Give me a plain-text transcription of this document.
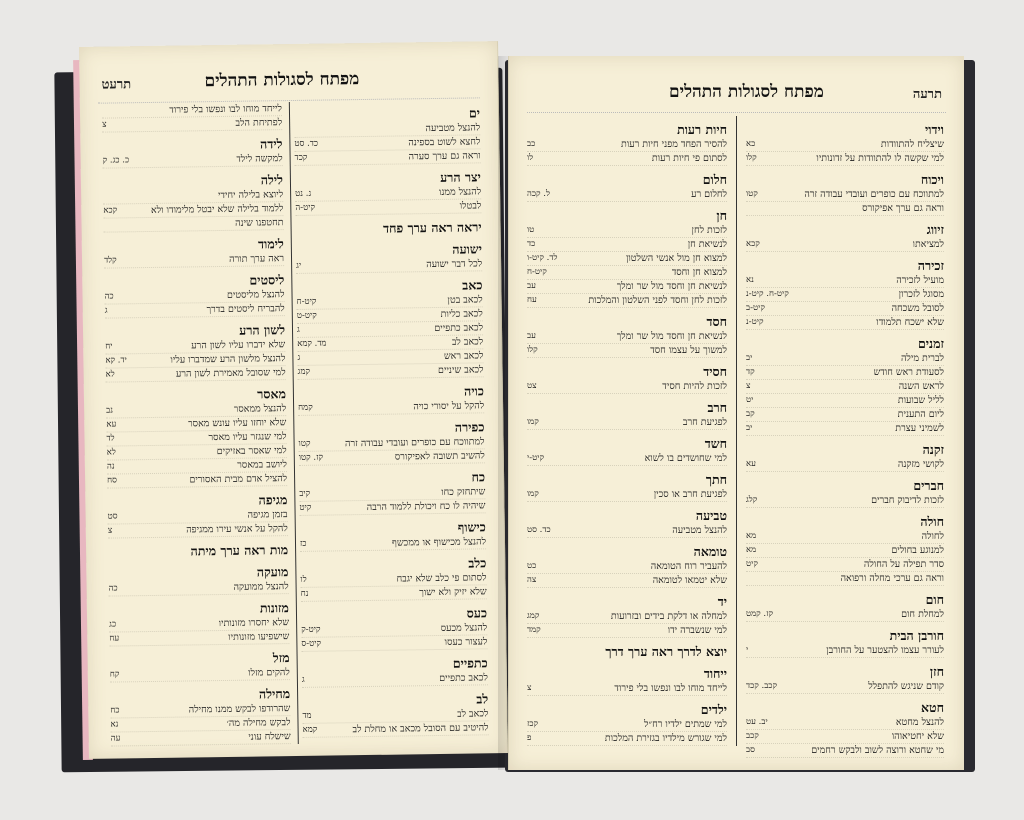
תרעט	מפתח לסגולות התהלים
ים
להנצל מטביעה
לחצא לשוט בספינה
כד. סט
וראה גם ערך סערה
קכד
יצר הרע
להנצל ממנו
נ. נט
לבטלו
קיט-ה
יראה ראה ערך פחד
ישועה
לכל דבר ישועה
יג
כאב
לכאב בטן
קיט-ח
לכאב כליות
קיט-ט
לכאב כתפיים
ג
לכאב לב
מד. קמא
לכאב ראש
ג
לכאב שיניים
קמג
כויה
להקל על יסורי כויה
קמח
כפירה
למתווכח עם כופרים ועובדי עבודה זרה
קטו
להשיב תשובה לאפיקורס
קז. קטו
כח
שיתחזק כחו
קיב
שיהיה לו כח ויכולת ללמוד הרבה
קיט
כישוף
להנצל מכישוף או ממכשף
כז
כלב
לסתום פי כלב שלא יגבח
לו
שלא יזיק ולא ישוך
נח
כעס
להנצל מכעס
קיט-ק
לעצור כעסו
קיט-ס
כתפיים
לכאב כתפיים
ג
לב
לכאב לב
מד
להיטיב עם הסובל מכאב או מחלת לב
קמא
לייחד מוחו לבו ונפשו בלי פירוד
לפתיחת הלב
צ
לידה
למקשה לילד
כ. כג. ק
לילה
ליוצא בלילה יחידי
ללמוד בלילה שלא יבטל מלימודו ולא
קכא
תחטפנו שינה
לימוד
ראה ערך תורה
קלד
ליסטים
להנצל מליסטים
כה
להבריח ליסטים בדרך
ג
לשון הרע
שלא ידברו עליו לשון הרע
יח
להנצל מלשון הרע שמדברו עליו
יד. קא
למי שסובל מאמירת לשון הרע
לא
מאסר
להנצל ממאסר
נב
שלא יוחזו עליו עונש מאסר
עא
למי שנגזר עליו מאסר
לד
למי שאסר באזיקים
לא
ליושב במאסר
נה
להציל אדם מבית האסורים
סח
מגיפה
בזמן מגיפה
סט
להקל על אנשי עירו ממגיפה
צ
מות ראה ערך מיתה
מועקה
להנצל ממועקה
כה
מזונות
שלא יחסרו מזונותיו
כג
שישפיעו מזונותיו
עח
מזל
להקים מזלו
קח
מחילה
שהרודפו לבקש ממנו מחילה
כח
לבקש מחילה מה׳
נא
שישלח עוני
עה
תרעה
מפתח לסגולות התהלים
וידוי
שיצליח להתוודות
כא
למי שקשה לו להתוודות על זדונותיו
קלו
ויכוח
למתווכח עם כופרים ועובדי עבודה זרה
קטו
וראה גם ערך אפיקורס
זיווג
למציאתו
קכא
זכירה
מועיל לזכירה
נא
מסוגל לזכרון
קיט-ח. קיט-נ
לסובל משכחה
קיט-ב
שלא ישכח תלמודו
קיט-נ
זמנים
לברית מילה
יב
לסעודת ראש חודש
קד
לראש השנה
צ
לליל שבועות
יט
ליום התענית
קב
לשמיני עצרת
יב
זקנה
לקושי מזקנה
עא
חברים
לזכות לדיבוק חברים
קלג
חולה
לחולה
מא
למנוגע בחולים
מא
סדר תפילה על החולה
קיט
וראה גם ערכי מחלה ורפואה
חום
למחלת חום
קז. קמט
חורבן הבית
לעורר עצמו להצטער על החורבן
י
חזן
קודם שניגש להתפלל
קכב. קכד
חטא
להנצל מחטא
יב. עט
שלא יחטיאוהו
קכב
מי שחטא ורוצה לשוב ולבקש רחמים
סב
חיות רעות
להסיר הפחד מפני חיות רעות
כב
לסתום פי חיות רעות
לו
חלום
לחלום רע
ל. קכה
חן
לזכות לחן
טו
לנשיאת חן
כד
למצוא חן מול אנשי השלטון
לד. קיט-ו
למצוא חן וחסד
קיט-ח
לנשיאת חן וחסד מול שר ומלך
עב
לזכות לחן וחסד לפני השלטון והמלכות
עח
חסד
לנשיאת חן וחסד מול שר ומלך
עב
למשוך על עצמו חסד
קלו
חסיד
לזכות להיות חסיד
צט
חרב
לפגיעת חרב
קמו
חשד
למי שחושדים בו לשוא
קיט-י
חתך
לפגיעת חרב או סכין
קמו
טביעה
להנצל מטביעה
כד. סט
טומאה
להעביר רוח הטומאה
כט
שלא יטמאו לטומאה
צה
יד
למחלה או דלקת בידים ובזרועות
קמג
למי שנשברה ידו
קמד
יוצא לדרך ראה ערך דרך
ייחוד
לייחד מוחו לבו ונפשו בלי פירוד
צ
ילדים
למי שמתים ילדיו רח״ל
קכז
למי שגורש מילדיו בגזירת המלכות
פ
